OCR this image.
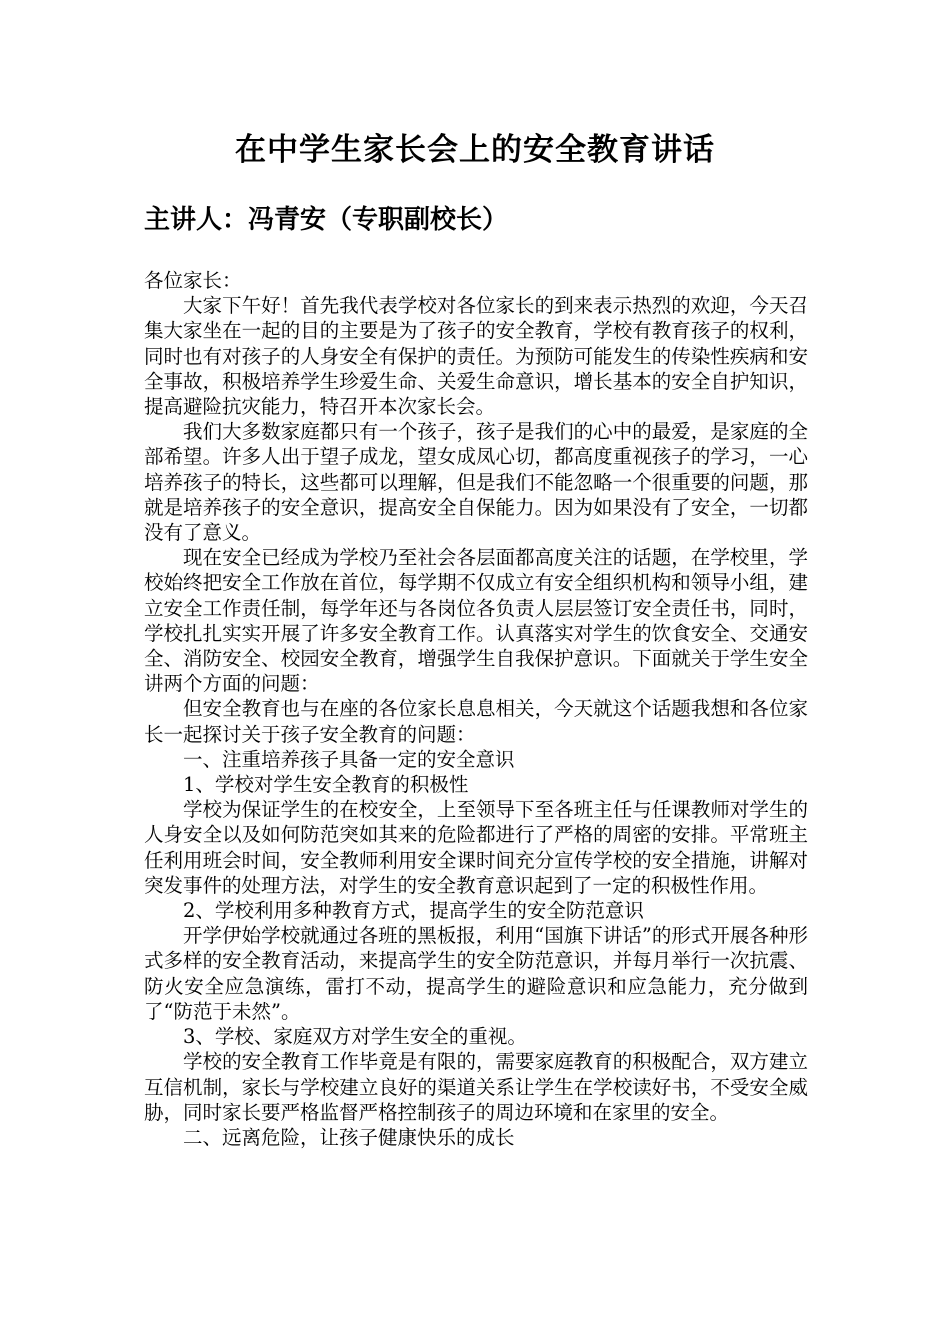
在中学生家长会上的安全教育讲话
主讲人：冯青安（专职副校长）

各位家长：

大家下午好！首先我代表学校对各位家长的到来表示热烈的欢迎，今天召集大家坐在一起的目的主要是为了孩子的安全教育，学校有教育孩子的权利，同时也有对孩子的人身安全有保护的责任。为预防可能发生的传染性疾病和安全事故，积极培养学生珍爱生命、关爱生命意识，增长基本的安全自护知识，提高避险抗灾能力，特召开本次家长会。

我们大多数家庭都只有一个孩子，孩子是我们的心中的最爱，是家庭的全部希望。许多人出于望子成龙，望女成凤心切，都高度重视孩子的学习，一心培养孩子的特长，这些都可以理解，但是我们不能忽略一个很重要的问题，那就是培养孩子的安全意识，提高安全自保能力。因为如果没有了安全，一切都没有了意义。

现在安全已经成为学校乃至社会各层面都高度关注的话题，在学校里，学校始终把安全工作放在首位，每学期不仅成立有安全组织机构和领导小组，建立安全工作责任制，每学年还与各岗位各负责人层层签订安全责任书，同时，学校扎扎实实开展了许多安全教育工作。认真落实对学生的饮食安全、交通安全、消防安全、校园安全教育，增强学生自我保护意识。下面就关于学生安全讲两个方面的问题：

但安全教育也与在座的各位家长息息相关，今天就这个话题我想和各位家长一起探讨关于孩子安全教育的问题：

一、注重培养孩子具备一定的安全意识

1、学校对学生安全教育的积极性

学校为保证学生的在校安全，上至领导下至各班主任与任课教师对学生的人身安全以及如何防范突如其来的危险都进行了严格的周密的安排。平常班主任利用班会时间，安全教师利用安全课时间充分宣传学校的安全措施，讲解对突发事件的处理方法，对学生的安全教育意识起到了一定的积极性作用。

2、学校利用多种教育方式，提高学生的安全防范意识

开学伊始学校就通过各班的黑板报，利用“国旗下讲话”的形式开展各种形式多样的安全教育活动，来提高学生的安全防范意识，并每月举行一次抗震、防火安全应急演练，雷打不动，提高学生的避险意识和应急能力，充分做到了“防范于未然”。

3、学校、家庭双方对学生安全的重视。

学校的安全教育工作毕竟是有限的，需要家庭教育的积极配合，双方建立互信机制，家长与学校建立良好的渠道关系让学生在学校读好书，不受安全威胁，同时家长要严格监督严格控制孩子的周边环境和在家里的安全。

二、远离危险，让孩子健康快乐的成长
